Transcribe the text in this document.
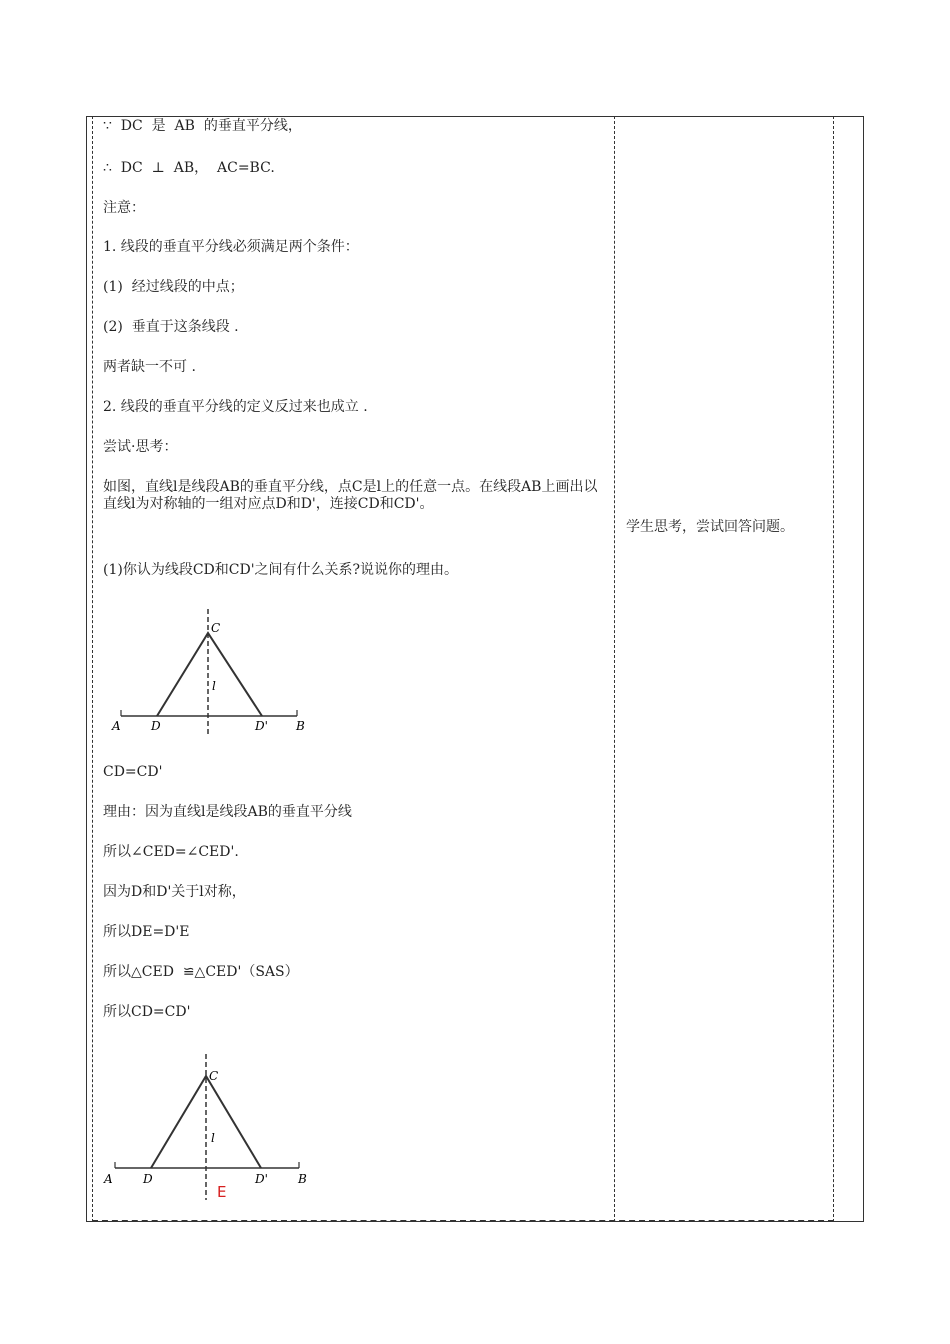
∵  DC  是  AB  的垂直平分线，
∴  DC  ⊥  AB，  AC=BC.
注意：
1. 线段的垂直平分线必须满足两个条件：
(1)  经过线段的中点；
(2)  垂直于这条线段 .
两者缺一不可 .
2. 线段的垂直平分线的定义反过来也成立 .
尝试·思考：
如图，直线l是线段AB的垂直平分线，点C是l上的任意一点。在线段AB上画出以直线l为对称轴的一组对应点D和D'，连接CD和CD'。
(1)你认为线段CD和CD'之间有什么关系?说说你的理由。
A	D
C
l
D' B
CD=CD'
理由：因为直线l是线段AB的垂直平分线
所以∠CED=∠CED'.
因为D和D'关于l对称，
所以DE=D'E
所以△CED  ≌△CED'（SAS）
所以CD=CD'
A	D
C
l
D'	B
E
学生思考，尝试回答问题。
